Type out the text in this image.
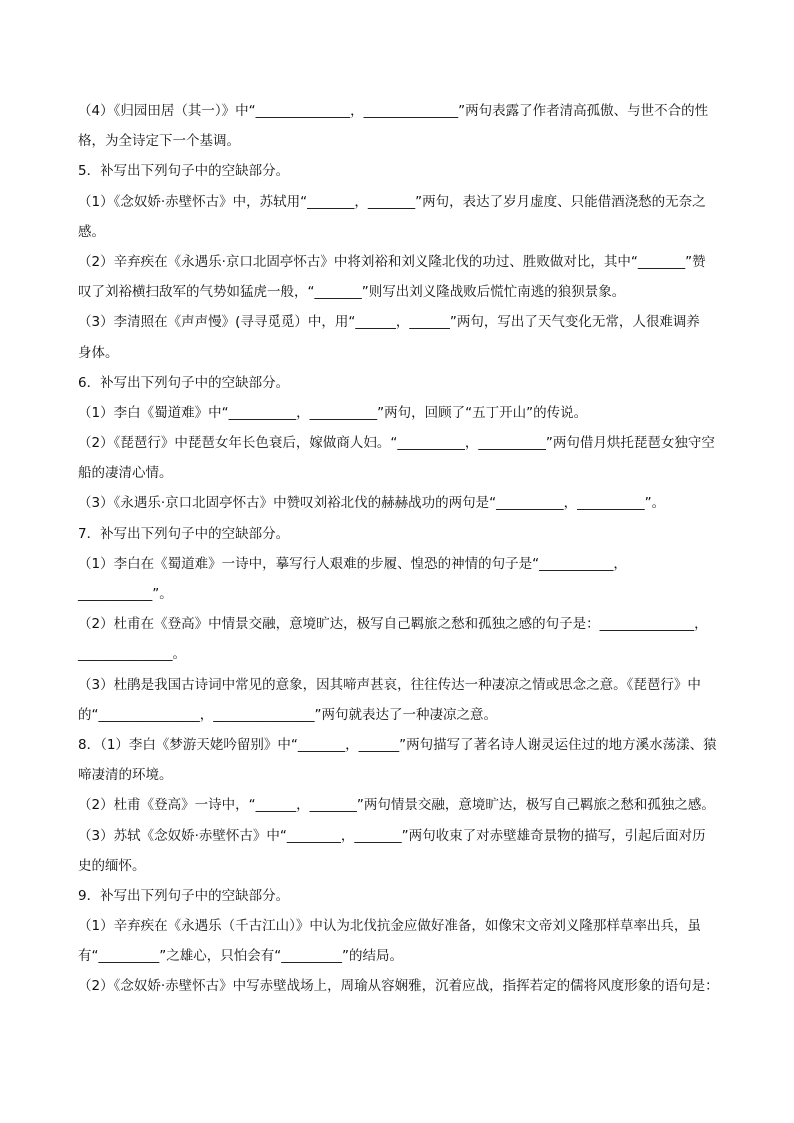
（4）《归园田居（其一）》中“______________，______________”两句表露了作者清高孤傲、与世不合的性
格，为全诗定下一个基调。
5．补写出下列句子中的空缺部分。
（1）《念奴娇·赤壁怀古》中，苏轼用“_______，_______”两句，表达了岁月虚度、只能借酒浇愁的无奈之
感。
（2）辛弃疾在《永遇乐·京口北固亭怀古》中将刘裕和刘义隆北伐的功过、胜败做对比，其中“_______”赞
叹了刘裕横扫敌军的气势如猛虎一般，“_______”则写出刘义隆战败后慌忙南逃的狼狈景象。
（3）李清照在《声声慢》(寻寻觅觅）中，用“______，______”两句，写出了天气变化无常，人很难调养
身体。
6．补写出下列句子中的空缺部分。
（1）李白《蜀道难》中“__________，__________”两句，回顾了“五丁开山”的传说。
（2）《琵琶行》中琵琶女年长色衰后，嫁做商人妇。“__________，__________”两句借月烘托琵琶女独守空
船的凄清心情。
（3）《永遇乐·京口北固亭怀古》中赞叹刘裕北伐的赫赫战功的两句是“__________，__________”。
7．补写出下列句子中的空缺部分。
（1）李白在《蜀道难》一诗中，摹写行人艰难的步履、惶恐的神情的句子是“___________，
___________”。
（2）杜甫在《登高》中情景交融，意境旷达，极写自己羁旅之愁和孤独之感的句子是：______________，
______________。
（3）杜鹃是我国古诗词中常见的意象，因其啼声甚哀，往往传达一种凄凉之情或思念之意。《琵琶行》中
的“_______________，_______________”两句就表达了一种凄凉之意。
8．（1）李白《梦游天姥吟留别》中“_______，______”两句描写了著名诗人谢灵运住过的地方溪水荡漾、猿
啼凄清的环境。
（2）杜甫《登高》一诗中，“______，_______”两句情景交融，意境旷达，极写自己羁旅之愁和孤独之感。
（3）苏轼《念奴娇·赤壁怀古》中“________，_______”两句收束了对赤壁雄奇景物的描写，引起后面对历
史的缅怀。
9．补写出下列句子中的空缺部分。
（1）辛弃疾在《永遇乐（千古江山）》中认为北伐抗金应做好准备，如像宋文帝刘义隆那样草率出兵，虽
有“_________”之雄心，只怕会有“_________”的结局。
（2）《念奴娇·赤壁怀古》中写赤壁战场上，周瑜从容娴雅，沉着应战，指挥若定的儒将风度形象的语句是：
